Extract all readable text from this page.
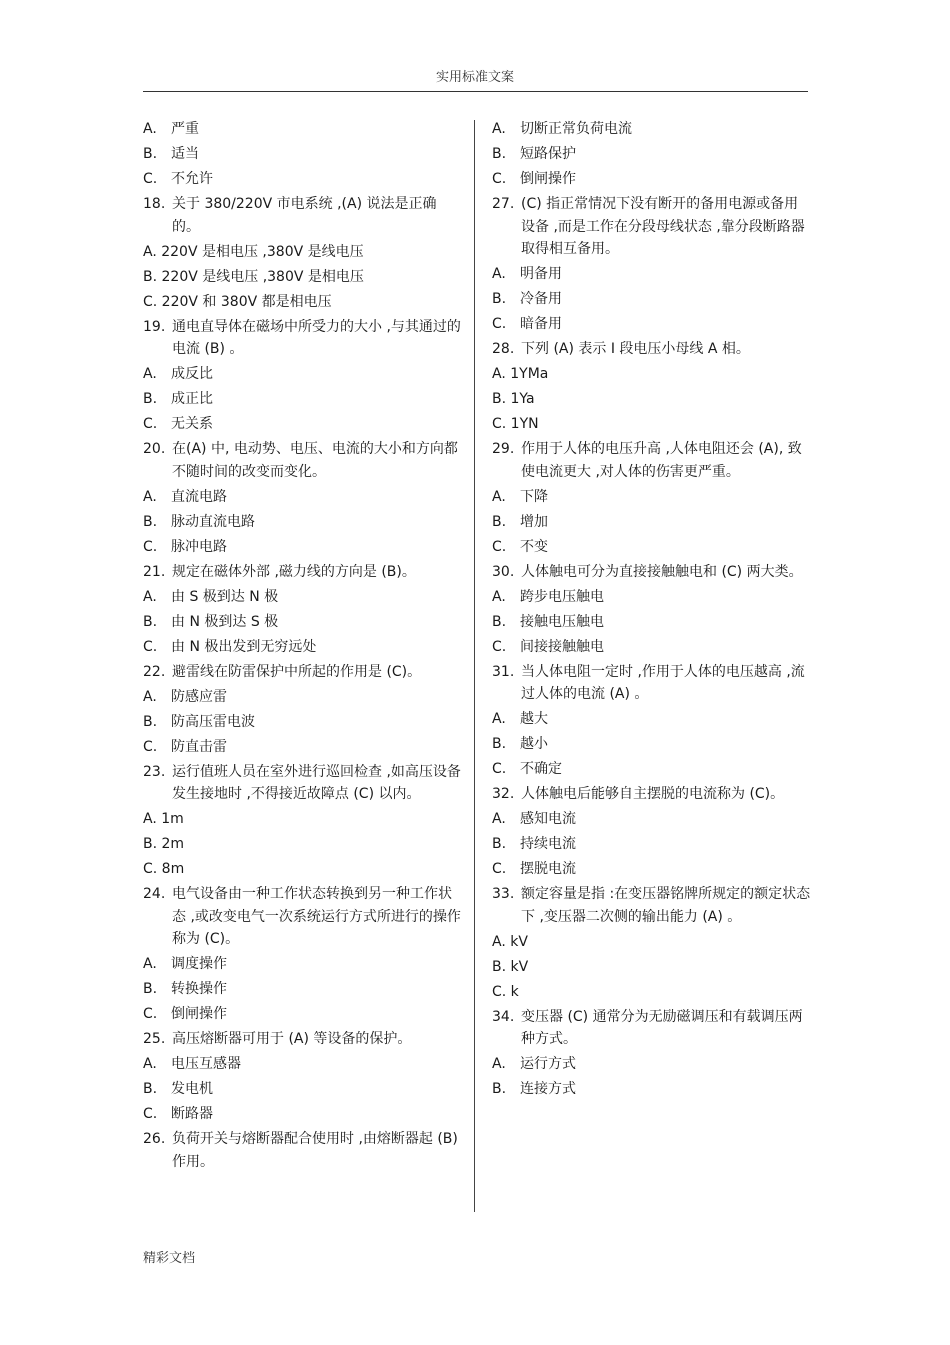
实用标准文案
A.	严重
B. 适当
C. 不允许
18. 关于 380/220V 市电系统 ,(A) 说法是正确的。
A. 220V 是相电压 ,380V 是线电压
B. 220V 是线电压 ,380V 是相电压
C. 220V 和 380V 都是相电压
19. 通电直导体在磁场中所受力的大小 ,与其通过的电流 (B) 。
A.	成反比
B. 成正比
C. 无关系
20. 在(A) 中, 电动势、电压、电流的大小和方向都不随时间的改变而变化。
A.	直流电路
B. 脉动直流电路
C. 脉冲电路
21. 规定在磁体外部 ,磁力线的方向是 (B)。
A.	由 S 极到达 N 极
B. 由 N 极到达 S 极
C. 由 N 极出发到无穷远处
22. 避雷线在防雷保护中所起的作用是 (C)。
A.	防感应雷
B. 防高压雷电波
C. 防直击雷
23. 运行值班人员在室外进行巡回检查 ,如高压设备发生接地时 ,不得接近故障点 (C) 以内。
A. 1m
B. 2m
C. 8m
24. 电气设备由一种工作状态转换到另一种工作状态 ,或改变电气一次系统运行方式所进行的操作称为 (C)。
A.	调度操作
B. 转换操作
C. 倒闸操作
25. 高压熔断器可用于 (A) 等设备的保护。
A.	电压互感器
B. 发电机
C. 断路器
26. 负荷开关与熔断器配合使用时 ,由熔断器起 (B) 作用。
A.	切断正常负荷电流
B. 短路保护
C. 倒闸操作
27. (C) 指正常情况下没有断开的备用电源或备用设备 ,而是工作在分段母线状态 ,靠分段断路器取得相互备用。
A.	明备用
B. 冷备用
C. 暗备用
28. 下列 (A) 表示 I 段电压小母线 A 相。
A. 1YMa
B. 1Ya
C. 1YN
29. 作用于人体的电压升高 ,人体电阻还会 (A), 致使电流更大 ,对人体的伤害更严重。
A.	下降
B. 增加
C. 不变
30. 人体触电可分为直接接触触电和 (C) 两大类。
A.	跨步电压触电
B. 接触电压触电
C. 间接接触触电
31. 当人体电阻一定时 ,作用于人体的电压越高 ,流过人体的电流 (A) 。
A.	越大
B. 越小
C. 不确定
32. 人体触电后能够自主摆脱的电流称为 (C)。
A.	感知电流
B. 持续电流
C. 摆脱电流
33. 额定容量是指 :在变压器铭牌所规定的额定状态下 ,变压器二次侧的输出能力 (A) 。
A. kV
B. kV
C. k
34. 变压器 (C) 通常分为无励磁调压和有载调压两种方式。
A.	运行方式
B. 连接方式
精彩文档
